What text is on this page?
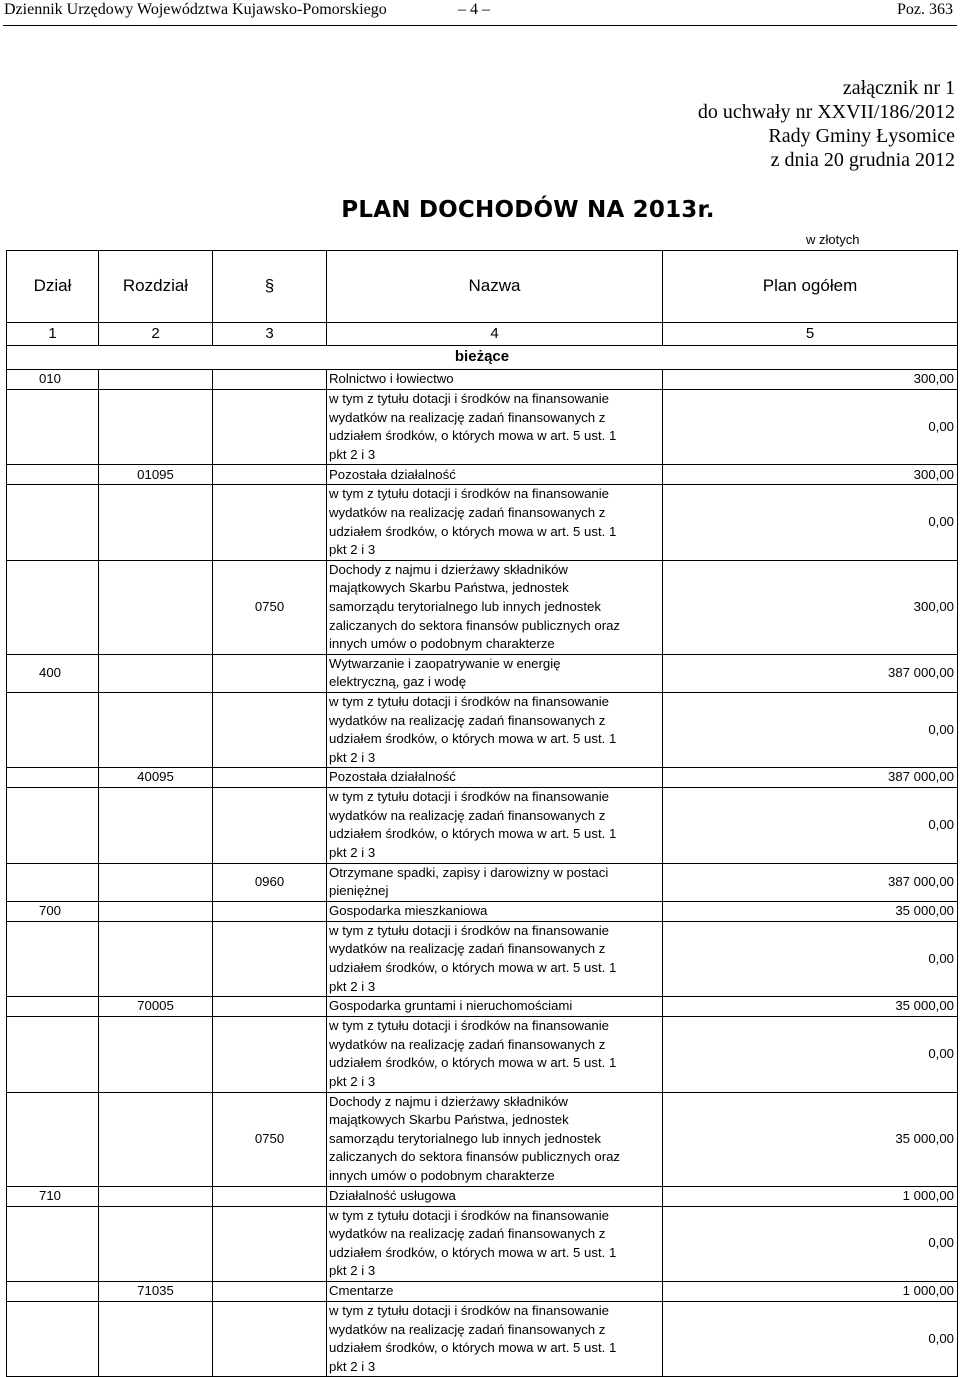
Dziennik Urzędowy Województwa Kujawsko-Pomorskiego	– 4 –	Poz. 363
załącznik nr 1
do uchwały nr XXVII/186/2012
Rady Gminy Łysomice
z dnia 20 grudnia 2012
PLAN DOCHODÓW NA 2013r.
w złotych
Dział	Rozdział	§	Nazwa	Plan ogółem
1	2	3	4	5
bieżące				
010			Rolnictwo i łowiectwo	300,00

			w tym z tytułu dotacji i środków na finansowanie
wydatków na realizację zadań finansowanych z
udziałem środków, o których mowa w art. 5 ust. 1
pkt 2 i 3	0,00
	01095		Pozostała działalność	300,00

			w tym z tytułu dotacji i środków na finansowanie
wydatków na realizację zadań finansowanych z
udziałem środków, o których mowa w art. 5 ust. 1
pkt 2 i 3	0,00
		0750	Dochody z najmu i dzierżawy składników
majątkowych Skarbu Państwa, jednostek
samorządu terytorialnego lub innych jednostek
zaliczanych do sektora finansów publicznych oraz
innych umów o podobnym charakterze	300,00
400			Wytwarzanie i zaopatrywanie w energię
elektryczną, gaz i wodę	387 000,00

			w tym z tytułu dotacji i środków na finansowanie
wydatków na realizację zadań finansowanych z
udziałem środków, o których mowa w art. 5 ust. 1
pkt 2 i 3	0,00
	40095		Pozostała działalność	387 000,00

			w tym z tytułu dotacji i środków na finansowanie
wydatków na realizację zadań finansowanych z
udziałem środków, o których mowa w art. 5 ust. 1
pkt 2 i 3	0,00
		0960	Otrzymane spadki, zapisy i darowizny w postaci
pieniężnej	387 000,00
700			Gospodarka mieszkaniowa	35 000,00

			w tym z tytułu dotacji i środków na finansowanie
wydatków na realizację zadań finansowanych z
udziałem środków, o których mowa w art. 5 ust. 1
pkt 2 i 3	0,00
	70005		Gospodarka gruntami i nieruchomościami	35 000,00

			w tym z tytułu dotacji i środków na finansowanie
wydatków na realizację zadań finansowanych z
udziałem środków, o których mowa w art. 5 ust. 1
pkt 2 i 3	0,00
		0750	Dochody z najmu i dzierżawy składników
majątkowych Skarbu Państwa, jednostek
samorządu terytorialnego lub innych jednostek
zaliczanych do sektora finansów publicznych oraz
innych umów o podobnym charakterze	35 000,00
710			Działalność usługowa	1 000,00

			w tym z tytułu dotacji i środków na finansowanie
wydatków na realizację zadań finansowanych z
udziałem środków, o których mowa w art. 5 ust. 1
pkt 2 i 3	0,00
	71035		Cmentarze	1 000,00

			w tym z tytułu dotacji i środków na finansowanie
wydatków na realizację zadań finansowanych z
udziałem środków, o których mowa w art. 5 ust. 1
pkt 2 i 3	0,00
